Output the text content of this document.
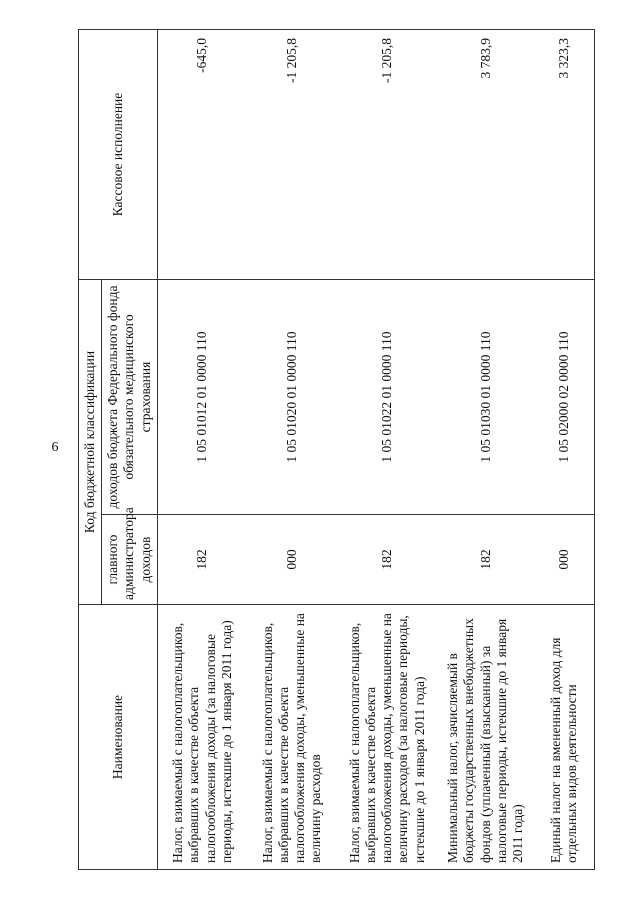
6
Наименование	Код бюджетной классификации		Кассовое исполнение
	главного администратора доходов	доходов бюджета Федерального фонда обязательного медицинского страхования	
Налог, взимаемый с налогоплательщиков, выбравших в качестве объекта налогообложения доходы (за налоговые периоды, истекшие до 1 января 2011 года)	182	1 05 01012 01 0000 110	-645,0
Налог, взимаемый с налогоплательщиков, выбравших в качестве объекта налогообложения доходы, уменьшенные на величину расходов	000	1 05 01020 01 0000 110	-1 205,8
Налог, взимаемый с налогоплательщиков, выбравших в качестве объекта налогообложения доходы, уменьшенные на величину расходов (за налоговые периоды, истекшие до 1 января 2011 года)	182	1 05 01022 01 0000 110	-1 205,8
Минимальный налог, зачисляемый в бюджеты государственных внебюджетных фондов (уплаченный (взысканный) за налоговые периоды, истекшие до 1 января 2011 года)	182	1 05 01030 01 0000 110	3 783,9
Единый налог на вмененный доход для отдельных видов деятельности	000	1 05 02000 02 0000 110	3 323,3
